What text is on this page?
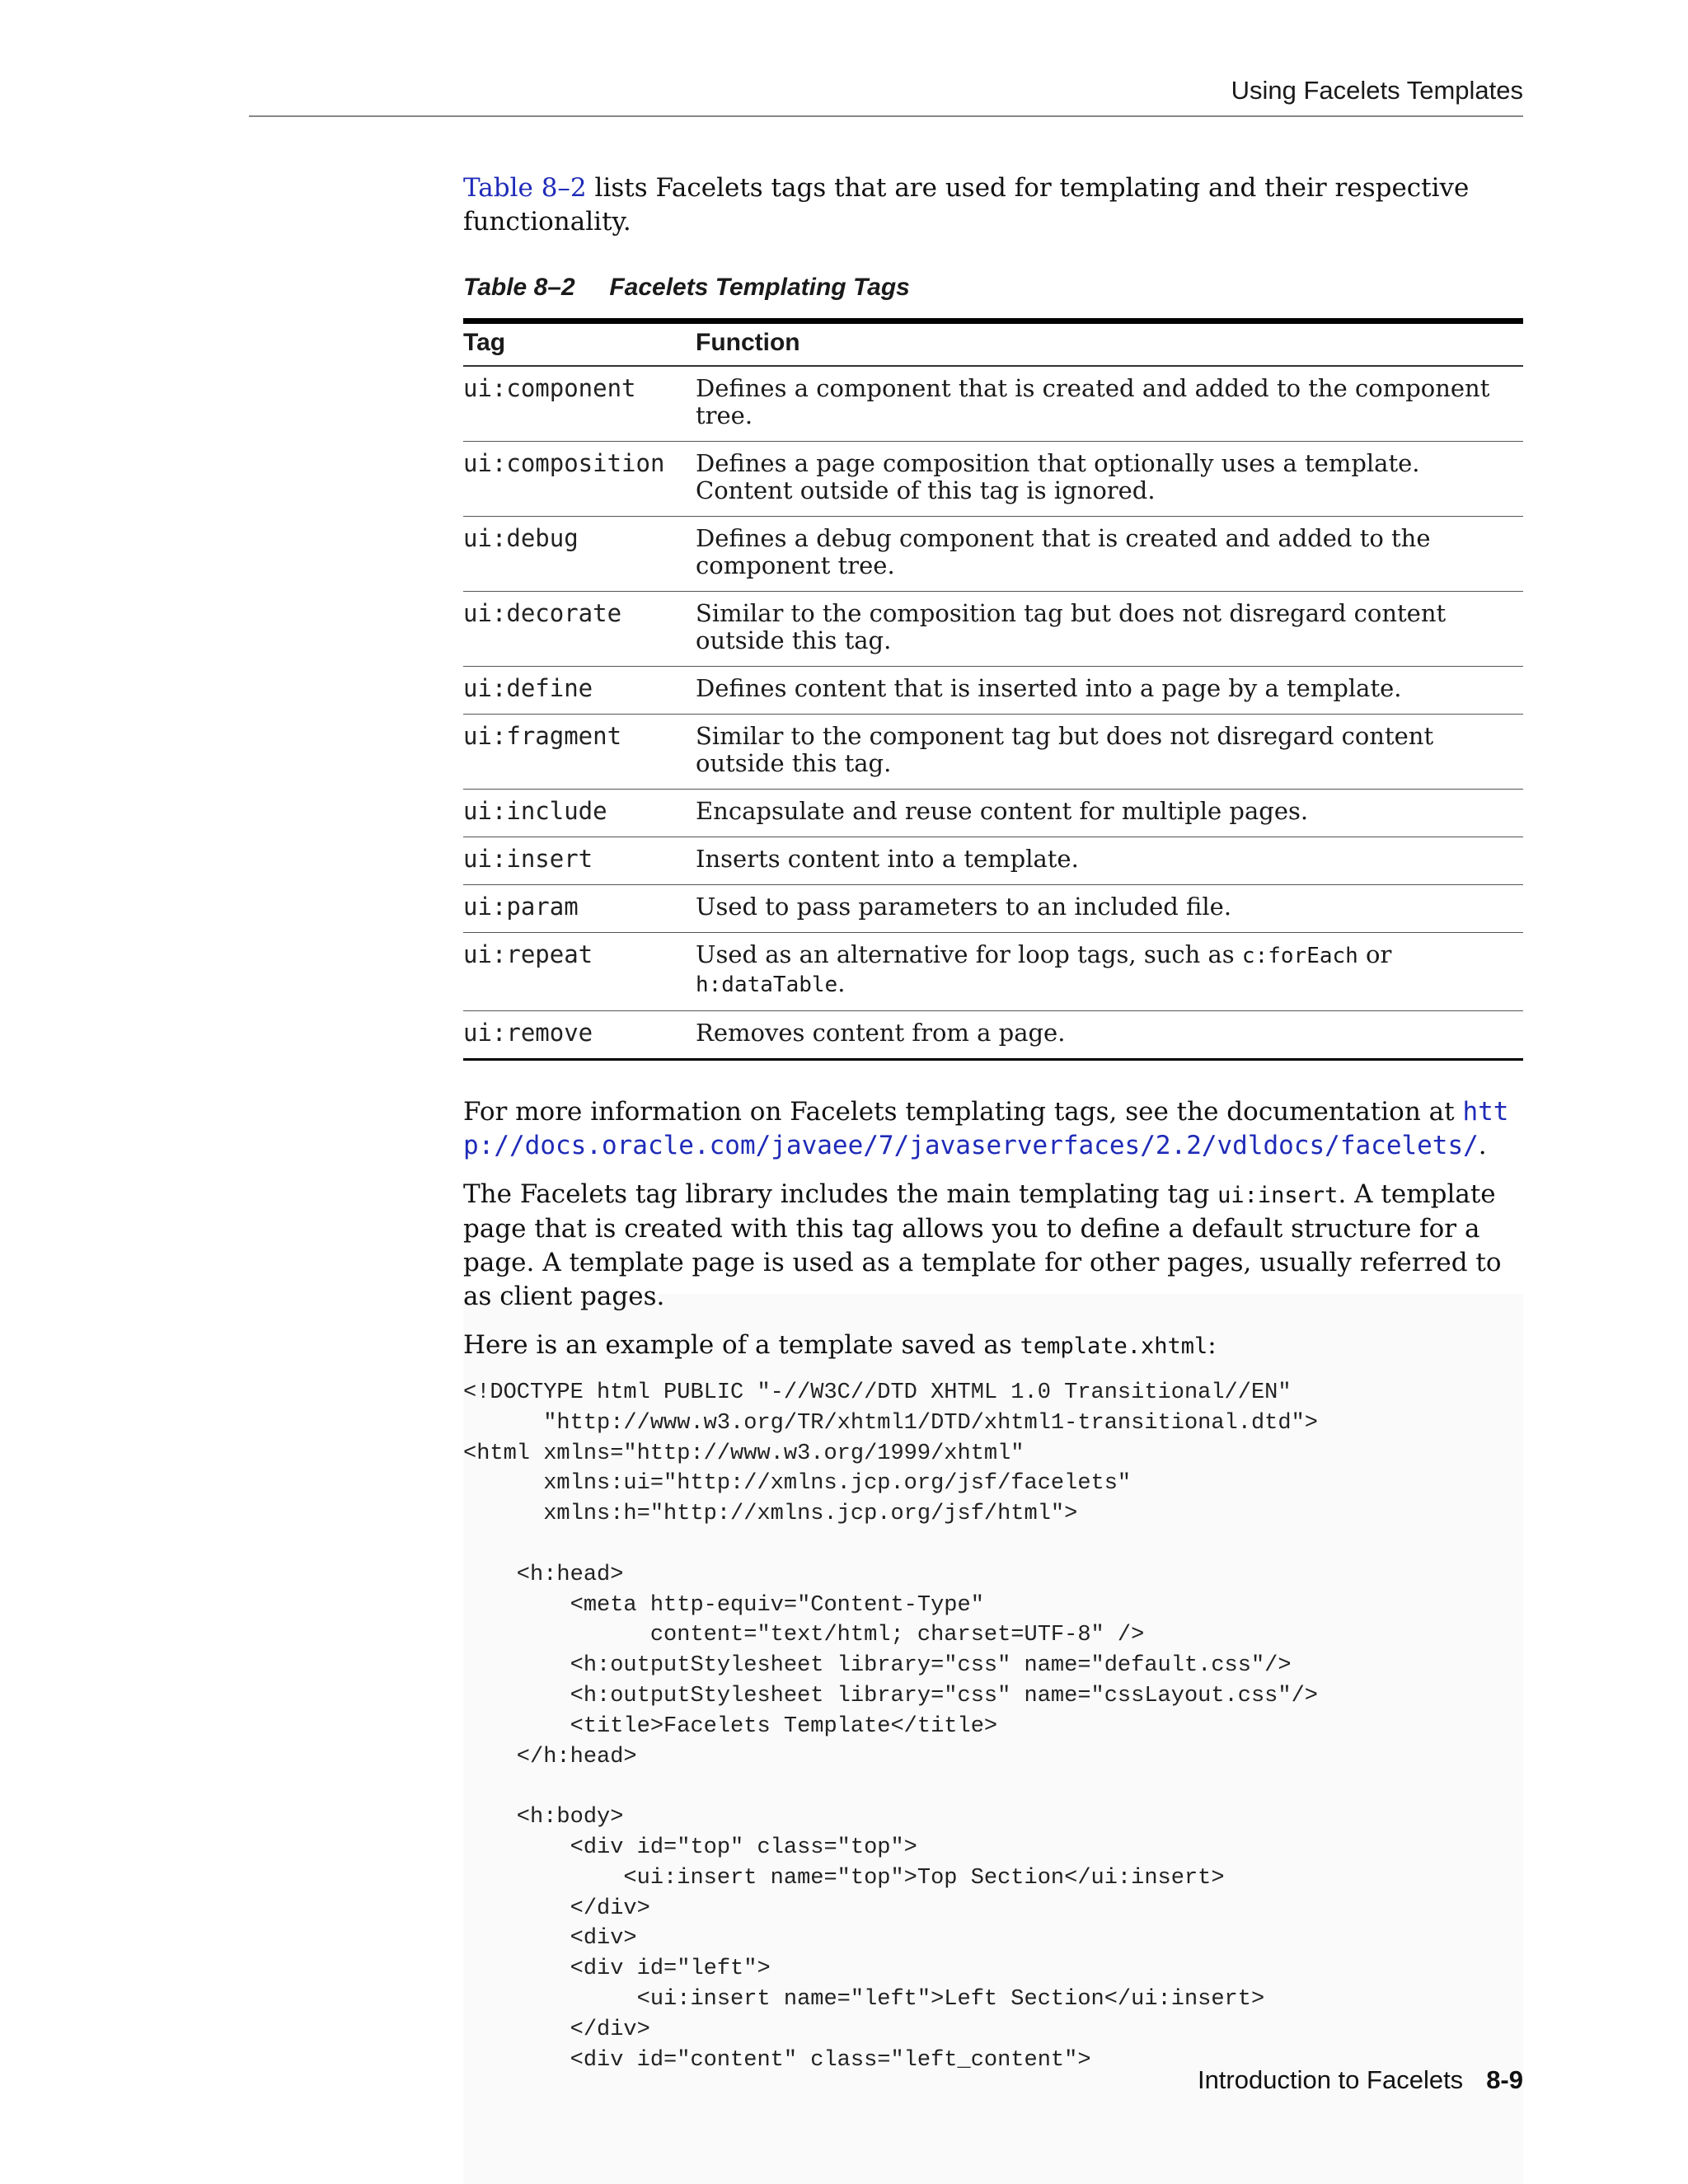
Using Facelets Templates

Table 8–2 lists Facelets tags that are used for templating and their respective functionality.

Table 8–2 Facelets Templating Tags
Tag	Function
ui:component	Defines a component that is created and added to the component tree.
ui:composition	Defines a page composition that optionally uses a template. Content outside of this tag is ignored.
ui:debug	Defines a debug component that is created and added to the component tree.
ui:decorate	Similar to the composition tag but does not disregard content outside this tag.
ui:define	Defines content that is inserted into a page by a template.
ui:fragment	Similar to the component tag but does not disregard content outside this tag.
ui:include	Encapsulate and reuse content for multiple pages.
ui:insert	Inserts content into a template.
ui:param	Used to pass parameters to an included file.
ui:repeat	Used as an alternative for loop tags, such as c:forEach or h:dataTable.
ui:remove	Removes content from a page.

For more information on Facelets templating tags, see the documentation at http://docs.oracle.com/javaee/7/javaserverfaces/2.2/vdldocs/facelets/.

The Facelets tag library includes the main templating tag ui:insert. A template page that is created with this tag allows you to define a default structure for a page. A template page is used as a template for other pages, usually referred to as client pages.

Here is an example of a template saved as template.xhtml:

<!DOCTYPE html PUBLIC "-//W3C//DTD XHTML 1.0 Transitional//EN"
"http://www.w3.org/TR/xhtml1/DTD/xhtml1-transitional.dtd">
<html xmlns="http://www.w3.org/1999/xhtml"
xmlns:ui="http://xmlns.jcp.org/jsf/facelets"
xmlns:h="http://xmlns.jcp.org/jsf/html">

<h:head>
<meta http-equiv="Content-Type"
content="text/html; charset=UTF-8" />
<h:outputStylesheet library="css" name="default.css"/>
<h:outputStylesheet library="css" name="cssLayout.css"/>
<title>Facelets Template</title>
</h:head>

<h:body>
<div id="top" class="top">
<ui:insert name="top">Top Section</ui:insert>
</div>
<div>
<div id="left">
<ui:insert name="left">Left Section</ui:insert>
</div>
<div id="content" class="left_content">
Introduction to Facelets 8-9
